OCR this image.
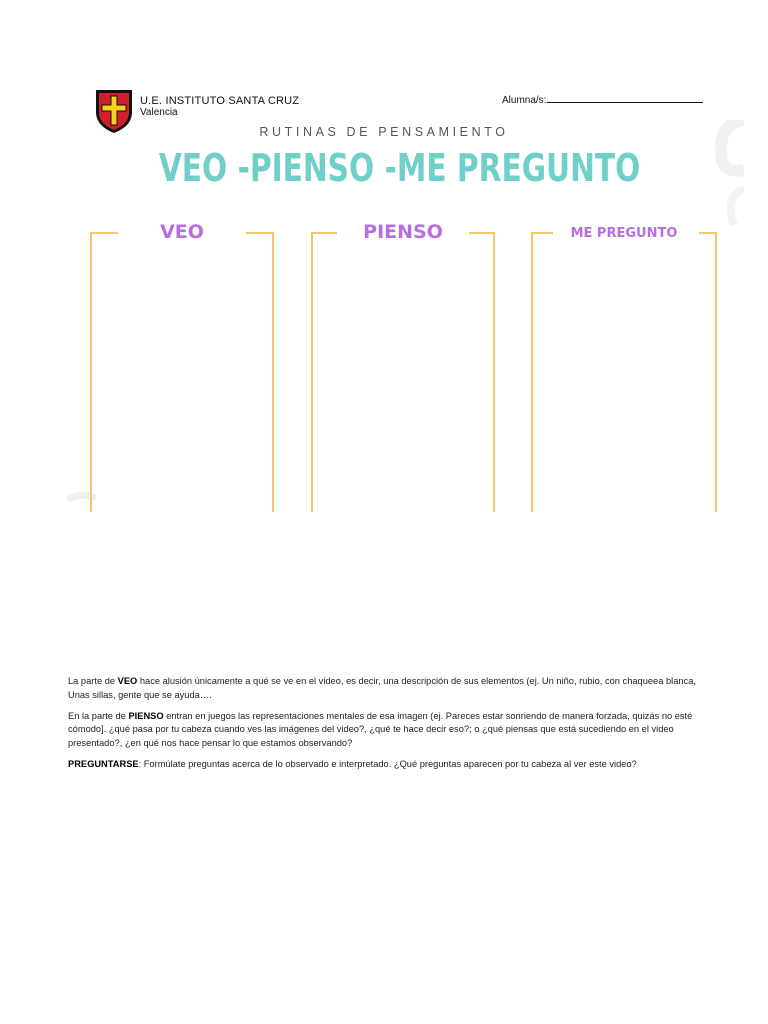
U.E. INSTITUTO SANTA CRUZ
Valencia
Alumna/s:
RUTINAS DE PENSAMIENTO
VEO -PIENSO -ME PREGUNTO
VEO	PIENSO	ME PREGUNTO

La parte de VEO hace alusión únicamente a qué se ve en el video, es decir, una descripción de sus elementos (ej. Un niño, rubio, con chaqueea blanca, Unas sillas, gente que se ayuda….

En la parte de PIENSO entran en juegos las representaciones mentales de esa imagen (ej. Pareces estar sonriendo de manera forzada, quizás no esté cómodo]. ¿qué pasa por tu cabeza cuando ves las imágenes del video?, ¿qué te hace decir eso?; o ¿qué piensas que está sucediendo en el video presentado?, ¿en qué nos hace pensar lo que estamos observando?

PREGUNTARSE: Formúlate preguntas acerca de lo observado e interpretado. ¿Qué preguntas aparecen por tu cabeza al ver este video?
